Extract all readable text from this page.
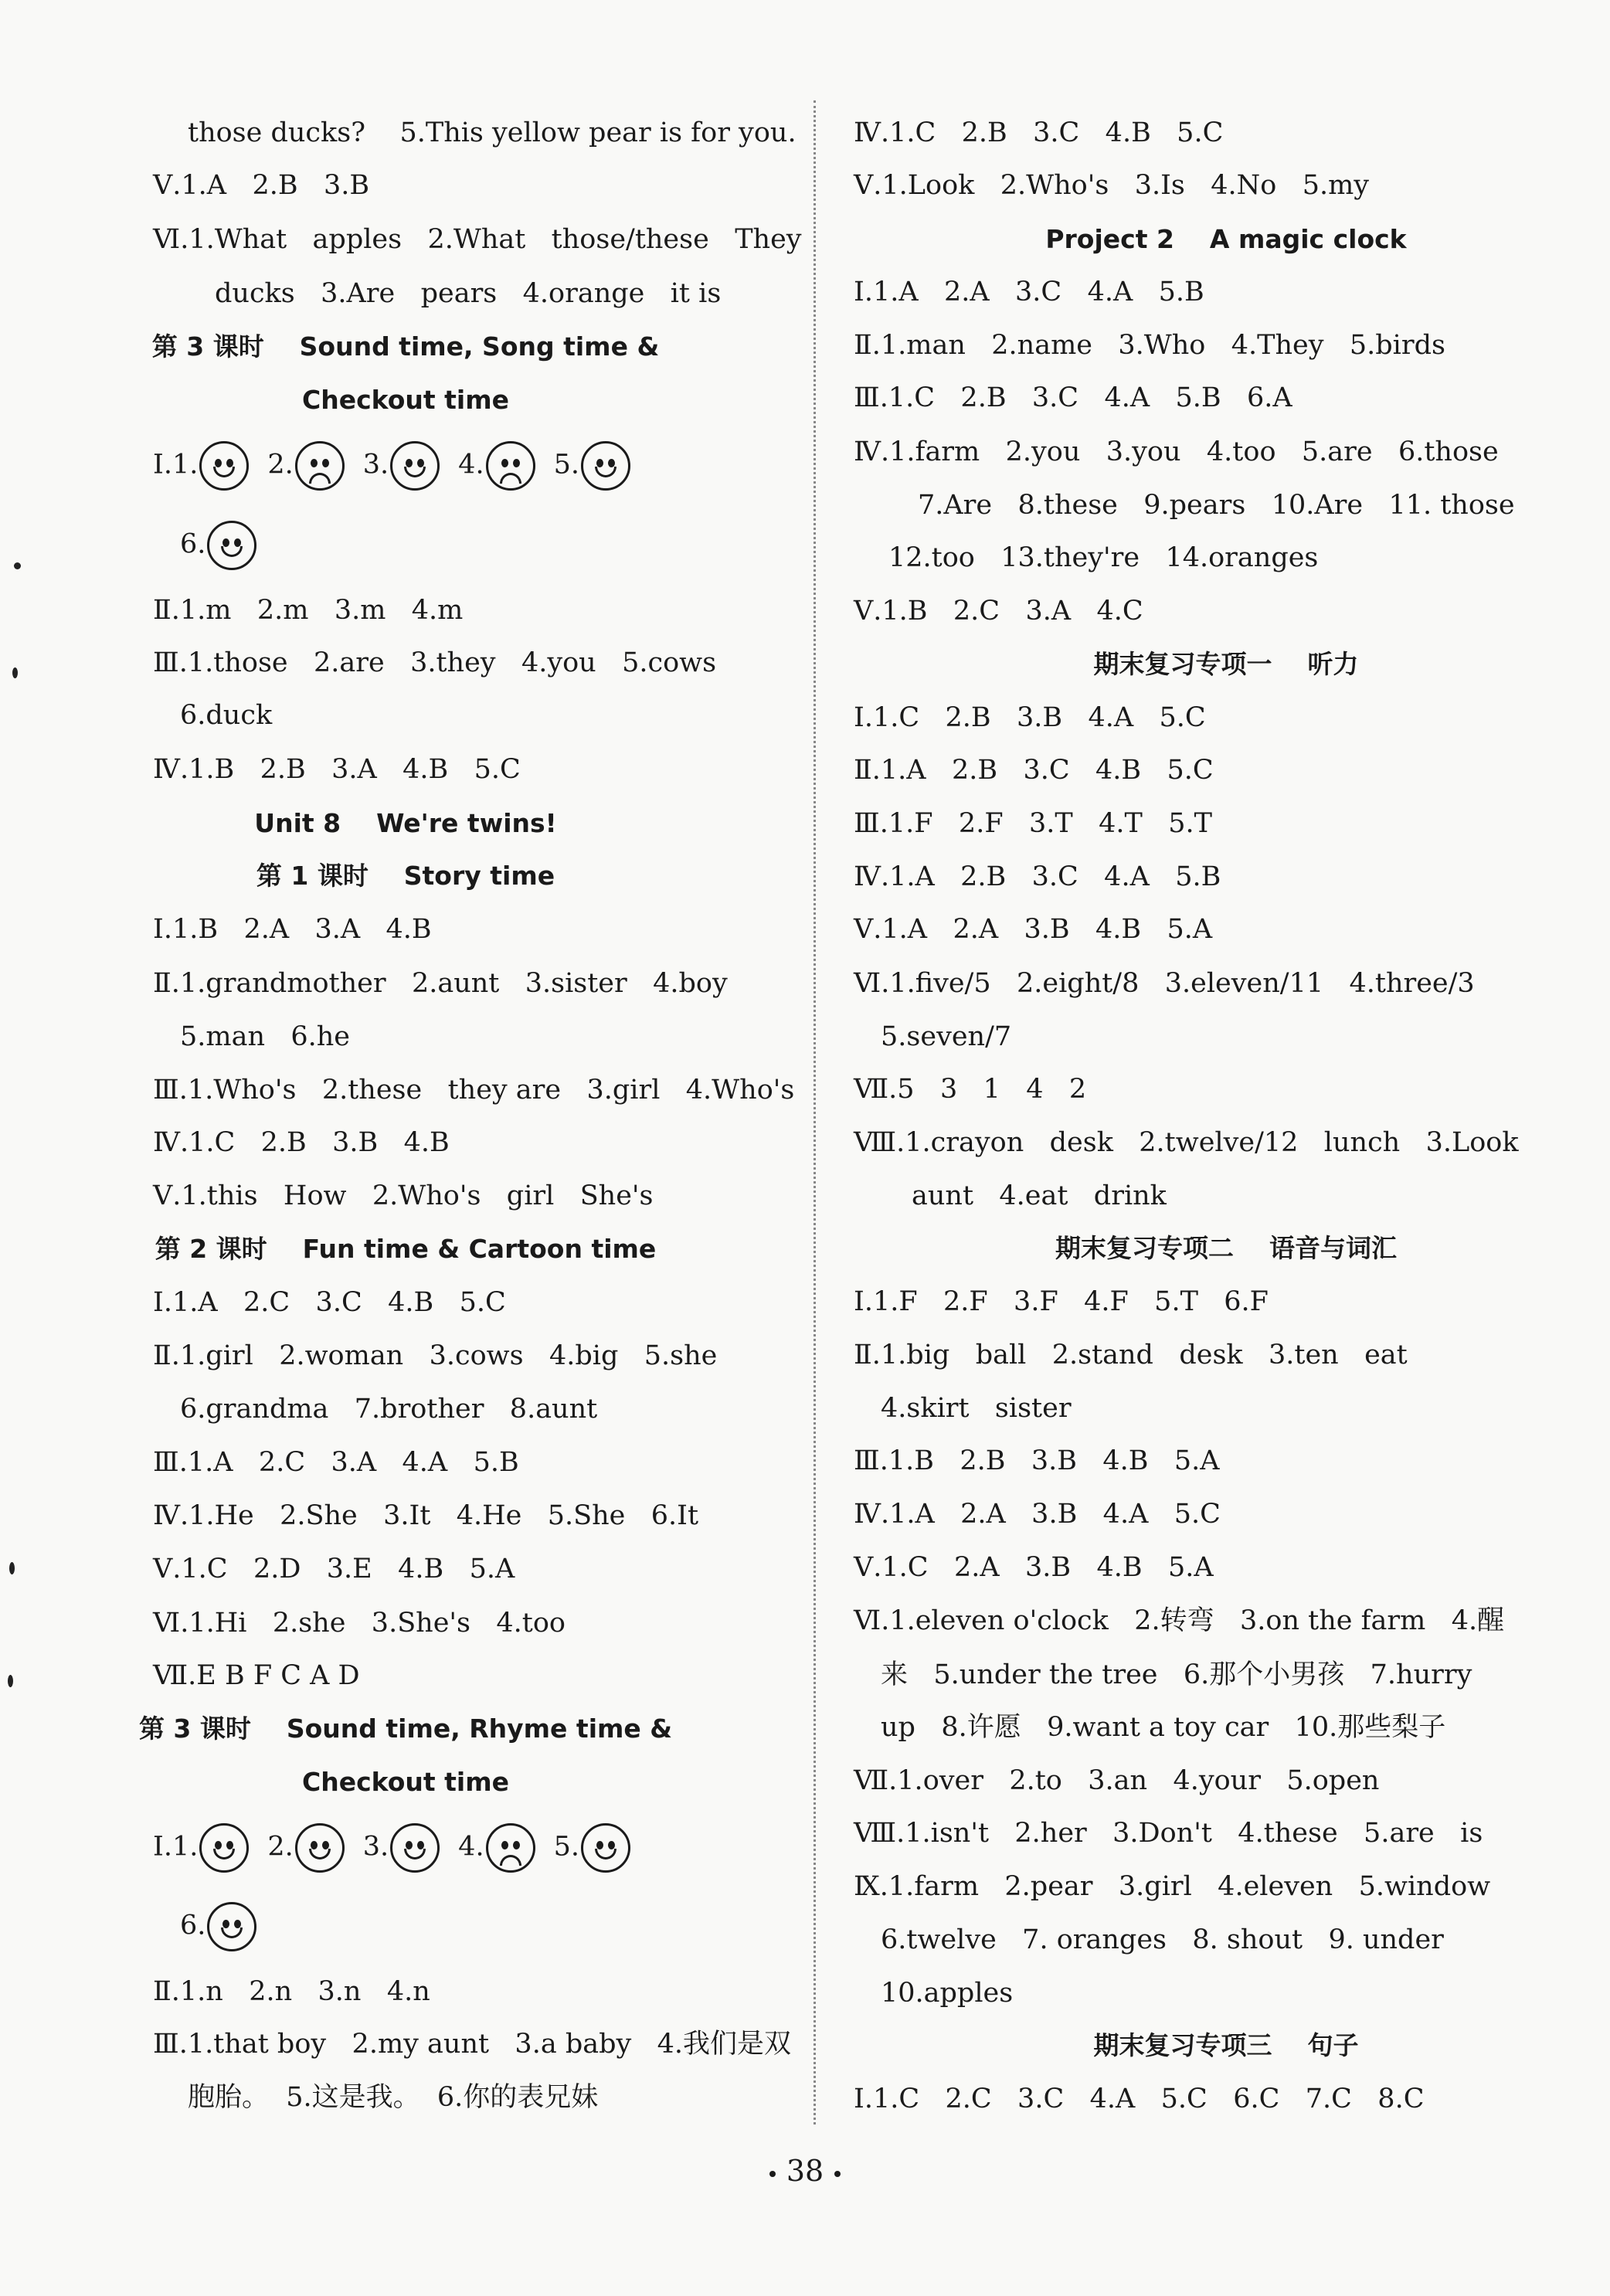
those ducks?    5.This yellow pear is for you.
Ⅴ.1.A   2.B   3.B
Ⅵ.1.What   apples   2.What   those/these   They
ducks   3.Are   pears   4.orange   it is
第 3 课时    Sound time, Song time &
Checkout time
Ⅰ.1.	2.	3.	4.	5.
6.
Ⅱ.1.m   2.m   3.m   4.m
Ⅲ.1.those   2.are   3.they   4.you   5.cows
6.duck
Ⅳ.1.B   2.B   3.A   4.B   5.C
Unit 8    We're twins!
第 1 课时    Story time
Ⅰ.1.B   2.A   3.A   4.B
Ⅱ.1.grandmother   2.aunt   3.sister   4.boy
5.man   6.he
Ⅲ.1.Who's   2.these   they are   3.girl   4.Who's
Ⅳ.1.C   2.B   3.B   4.B
Ⅴ.1.this   How   2.Who's   girl   She's
第 2 课时    Fun time & Cartoon time
Ⅰ.1.A   2.C   3.C   4.B   5.C
Ⅱ.1.girl   2.woman   3.cows   4.big   5.she
6.grandma   7.brother   8.aunt
Ⅲ.1.A   2.C   3.A   4.A   5.B
Ⅳ.1.He   2.She   3.It   4.He   5.She   6.It
Ⅴ.1.C   2.D   3.E   4.B   5.A
Ⅵ.1.Hi   2.she   3.She's   4.too
Ⅶ.E B F C A D
第 3 课时    Sound time, Rhyme time &
Checkout time
Ⅰ.1.	2.	3.	4.	5.
6.
Ⅱ.1.n   2.n   3.n   4.n
Ⅲ.1.that boy   2.my aunt   3.a baby   4.我们是双
胞胎。  5.这是我。  6.你的表兄妹
Ⅳ.1.C   2.B   3.C   4.B   5.C
Ⅴ.1.Look   2.Who's   3.Is   4.No   5.my
Project 2    A magic clock
Ⅰ.1.A   2.A   3.C   4.A   5.B
Ⅱ.1.man   2.name   3.Who   4.They   5.birds
Ⅲ.1.C   2.B   3.C   4.A   5.B   6.A
Ⅳ.1.farm   2.you   3.you   4.too   5.are   6.those
7.Are   8.these   9.pears   10.Are   11. those
12.too   13.they're   14.oranges
Ⅴ.1.B   2.C   3.A   4.C
期末复习专项一    听力
Ⅰ.1.C   2.B   3.B   4.A   5.C
Ⅱ.1.A   2.B   3.C   4.B   5.C
Ⅲ.1.F   2.F   3.T   4.T   5.T
Ⅳ.1.A   2.B   3.C   4.A   5.B
Ⅴ.1.A   2.A   3.B   4.B   5.A
Ⅵ.1.five/5   2.eight/8   3.eleven/11   4.three/3
5.seven/7
Ⅶ.5   3   1   4   2
Ⅷ.1.crayon   desk   2.twelve/12   lunch   3.Look
aunt   4.eat   drink
期末复习专项二    语音与词汇
Ⅰ.1.F   2.F   3.F   4.F   5.T   6.F
Ⅱ.1.big   ball   2.stand   desk   3.ten   eat
4.skirt   sister
Ⅲ.1.B   2.B   3.B   4.B   5.A
Ⅳ.1.A   2.A   3.B   4.A   5.C
Ⅴ.1.C   2.A   3.B   4.B   5.A
Ⅵ.1.eleven o'clock   2.转弯   3.on the farm   4.醒
来   5.under the tree   6.那个小男孩   7.hurry
up   8.许愿   9.want a toy car   10.那些梨子
Ⅶ.1.over   2.to   3.an   4.your   5.open
Ⅷ.1.isn't   2.her   3.Don't   4.these   5.are   is
Ⅸ.1.farm   2.pear   3.girl   4.eleven   5.window
6.twelve   7. oranges   8. shout   9. under
10.apples
期末复习专项三    句子
Ⅰ.1.C   2.C   3.C   4.A   5.C   6.C   7.C   8.C
38
